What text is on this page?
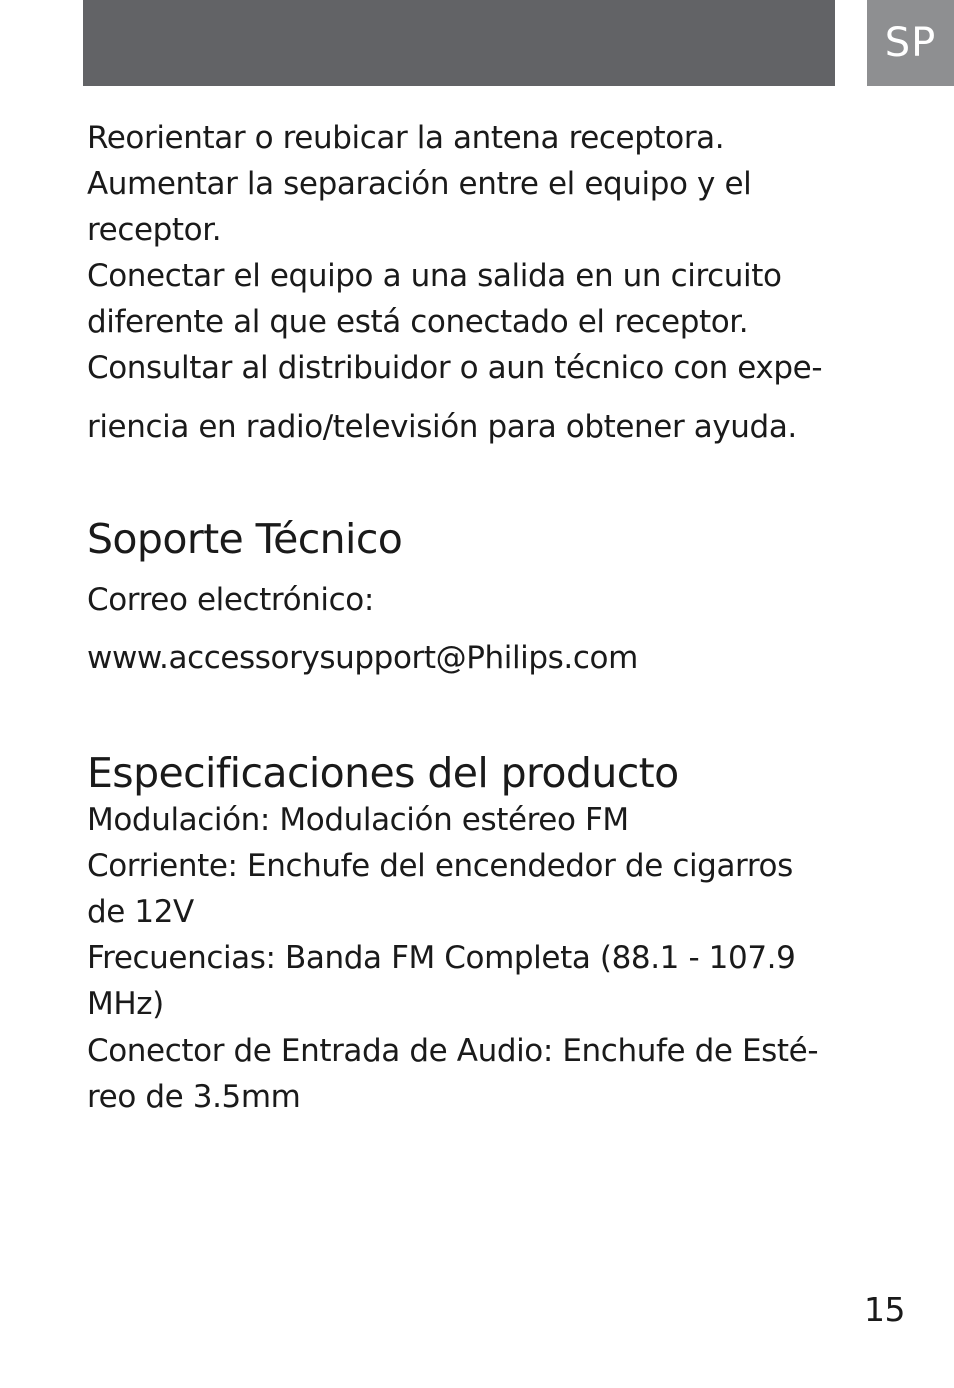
SP

Reorientar o reubicar la antena receptora.

Aumentar la separación entre el equipo y el

receptor.

Conectar el equipo a una salida en un circuito

diferente al que está conectado el receptor.

Consultar al distribuidor o aun técnico con expe-

riencia en radio/televisión para obtener ayuda.

Soporte Técnico

Correo electrónico:

www.accessorysupport@Philips.com

Especificaciones del producto

Modulación: Modulación estéreo FM

Corriente: Enchufe del encendedor de cigarros

de 12V

Frecuencias: Banda FM Completa (88.1 - 107.9

MHz)

Conector de Entrada de Audio: Enchufe de Esté-

reo de 3.5mm

15
